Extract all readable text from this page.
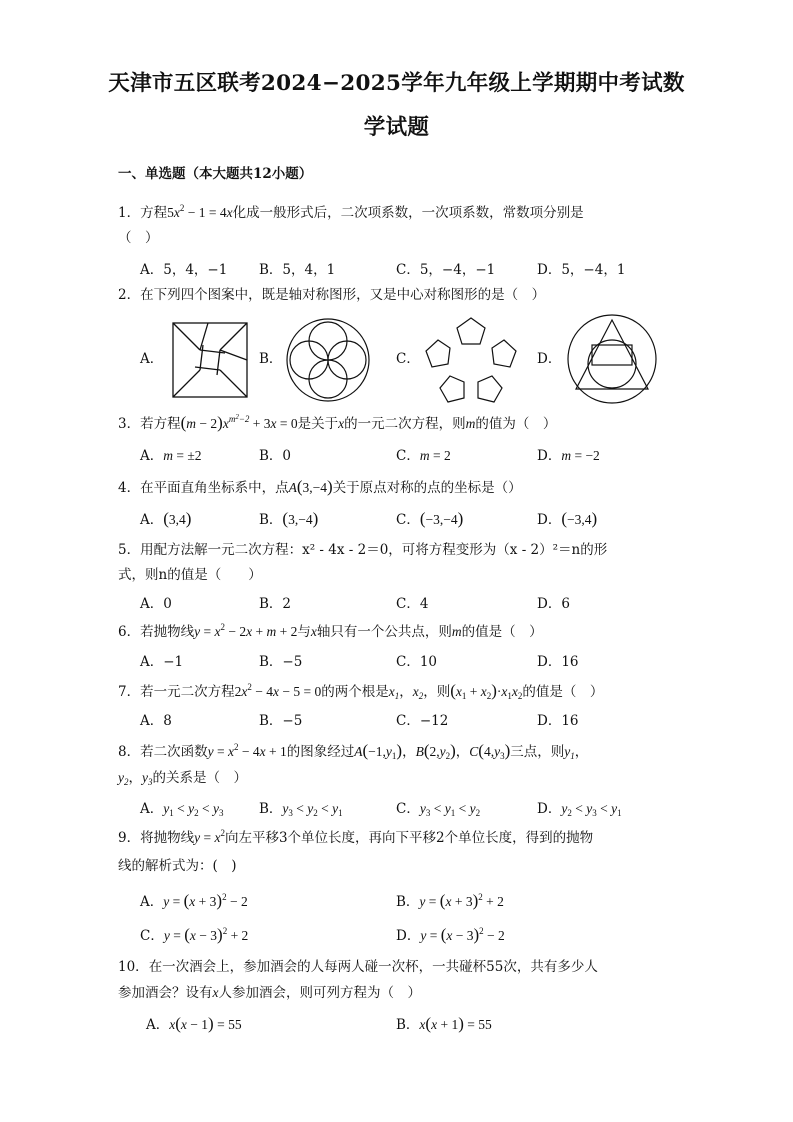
天津市五区联考2024−2025学年九年级上学期期中考试数
学试题
一、单选题（本大题共12小题）
1．方程$5x^2 - 1 = 4x$化成一般形式后，二次项系数，一次项系数，常数项分别是
（　）
A．5，4，−1 B．5，4，1	C．5，−4，−1	D．5，−4，1
2．在下列四个图案中，既是轴对称图形，又是中心对称图形的是（　）
A．	B．	C．	D．
3．若方程$(m - 2)x^{m^2-2} + 3x = 0$是关于x的一元二次方程，则m的值为（　）
A．m = ±2	B．0	C．m = 2	D．m = −2
4．在平面直角坐标系中，点A(3,−4)关于原点对称的点的坐标是（）
A．(3,4)	B．(3,−4)	C．(−3,−4)	D．(−3,4)
5．用配方法解一元二次方程：x² - 4x - 2＝0，可将方程变形为（x - 2）²＝n的形
式，则n的值是（　　）
A．0	B．2	C．4	D．6
6．若抛物线$y = x^2 - 2x + m + 2$与x轴只有一个公共点，则m的值是（　）
A．−1	B．−5	C．10	D．16
7．若一元二次方程$2x^2 - 4x - 5 = 0$的两个根是$x_1$，$x_2$，则$(x_1 + x_2)\cdot x_1x_2$的值是（　）
A．8	B．−5	C．−12	D．16
8．若二次函数$y = x^2 - 4x + 1$的图象经过$A(-1,y_1)$，$B(2,y_2)$，$C(4,y_3)$三点，则$y_1$，
$y_2$，$y_3$的关系是（　）
A．$y_1 < y_2 < y_3$	B．$y_3 < y_2 < y_1$	C．$y_3 < y_1 < y_2$	D．$y_2 < y_3 < y_1$
9．将抛物线$y = x^2$向左平移3个单位长度，再向下平移2个单位长度，得到的抛物
线的解析式为：(　)
A．$y = (x + 3)^2 - 2$	B．$y = (x + 3)^2 + 2$
C．$y = (x - 3)^2 + 2$	D．$y = (x - 3)^2 - 2$
10．在一次酒会上，参加酒会的人每两人碰一次杯，一共碰杯55次，共有多少人
参加酒会？设有x人参加酒会，则可列方程为（　）
A．x(x − 1) = 55	B．x(x + 1) = 55
